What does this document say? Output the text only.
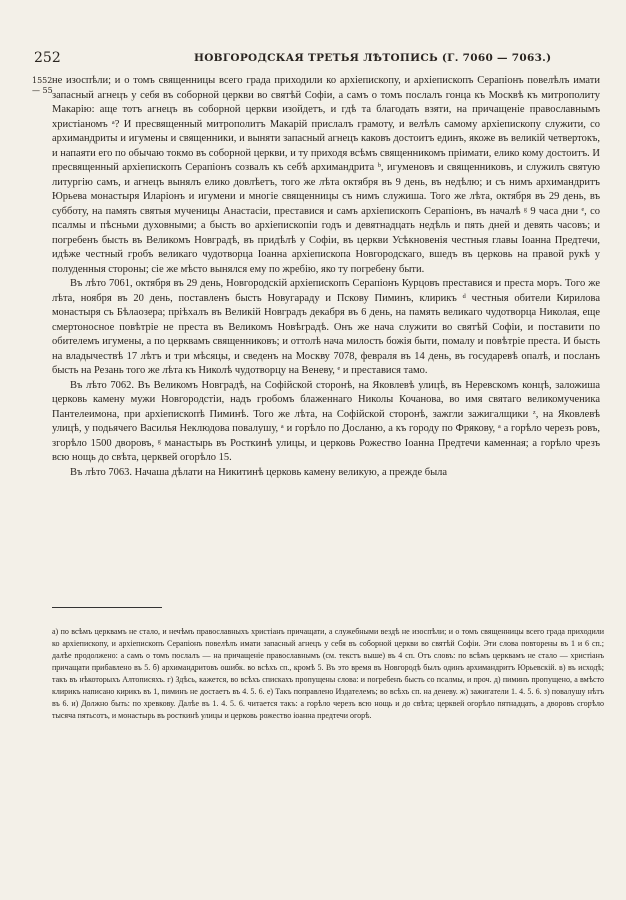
252	НОВГОРОДСКАЯ ТРЕТЬЯ ЛѢТОПИСЬ (Г. 7060 — 7063.)
1552
— 55

не изоспѣли; и о томъ священницы всего града приходили ко архіепископу, и архіепископъ Серапіонъ повелѣлъ имати запасный агнецъ у себя въ соборной церкви во святѣй Софіи, а самъ о томъ послалъ гонца къ Москвѣ къ митрополиту Макарію: аще тотъ агнецъ въ соборной церкви изойдетъ, и гдѣ та благодать взяти, на причащеніе православнымъ христіаномъ ᵃ? И пресвященный митрополитъ Макарій прислалъ грамоту, и велѣлъ самому архіепископу служити, со архимандриты и игумены и священники, и выняти запасный агнецъ каковъ достоитъ единъ, якоже въ великій четвертокъ, и напаяти его по обычаю токмо въ соборной церкви, и ту приходя всѣмъ священникомъ пріимати, елико кому достоитъ. И пресвященный архіепископъ Серапіонъ созвалъ къ себѣ архимандрита ᵇ, игуменовъ и священниковъ, и служилъ святую литургію самъ, и агнецъ вынялъ елико довлѣетъ, того же лѣта октября въ 9 день, въ недѣлю; и съ нимъ архимандритъ Юрьева монастыря Иларіонъ и игумени и многіе священницы съ нимъ служиша. Того же лѣта, октября въ 29 день, въ субботу, на память святыя мученицы Анастасіи, преставися и самъ архіепископъ Серапіонъ, въ началѣ ᵍ 9 часа дни ᵉ, со псалмы и пѣсньми духовными; а бысть во архіепископіи годъ и девятнадцать недѣль и пять дней и девять часовъ; и погребенъ бысть въ Великомъ Новградѣ, въ придѣлѣ у Софіи, въ церкви Усѣкновенія честныя главы Іоанна Предтечи, идѣже честный гробъ великаго чудотворца Іоанна архіепископа Новгородскаго, вшедъ въ церковь на правой рукѣ у полуденныя стороны; сіе же мѣсто вынялся ему по жребію, яко ту погребену быти.

Въ лѣто 7061, октября въ 29 день, Новгородскій архіепископъ Серапіонъ Курцовъ преставися и преста моръ. Того же лѣта, ноября въ 20 день, поставленъ бысть Новугараду и Пскову Пиминъ, клирикъ ᵈ честныя обители Кирилова монастыря съ Бѣлаозера; пріѣхалъ въ Великій Новградъ декабря въ 6 день, на память великаго чудотворца Николая, еще смертоносное повѣтріе не преста въ Великомъ Новѣградѣ. Онъ же нача служити во святѣй Софіи, и поставити по обителемъ игумены, а по церквамъ священниковъ; и оттолѣ нача милость божія быти, помалу и повѣтріе преста. И бысть на владычествѣ 17 лѣтъ и три мѣсяцы, и сведенъ на Москву 7078, февраля въ 14 день, въ государевѣ опалѣ, и посланъ бысть на Резань того же лѣта къ Николѣ чудотворцу на Веневу, ᵉ и преставися тамо.

Въ лѣто 7062. Въ Великомъ Новградѣ, на Софійской сторонѣ, на Яковлевѣ улицѣ, въ Неревскомъ концѣ, заложиша церковь камену мужи Новгородстіи, надъ гробомъ блаженнаго Николы Кочанова, во имя святаго великомученика Пантелеимона, при архіепископѣ Пиминѣ. Того же лѣта, на Софійской сторонѣ, зажгли зажигалщики ᶻ, на Яковлевѣ улицѣ, у подьячего Василья Неклюдова повалушу, ᵃ и горѣло по Досланю, а къ городу по Фрякову, ᵃ а горѣло черезъ ровъ, згорѣло 1500 дворовъ, ᵍ манастырь въ Росткинѣ улицы, и церковь Рожество Іоанна Предтечи каменная; а горѣло чрезъ всю нощь до свѣта, церквей огорѣло 15.

Въ лѣто 7063. Начаша дѣлати на Никитинѣ церковь камену великую, а прежде была

а) по всѣмъ церквамъ не стало, и нечѣмъ православныхъ христіанъ причащати, а служебными вездѣ не изоспѣли; и о томъ священницы всего града приходили ко архіепископу, и архіепископъ Серапіонъ повелѣлъ имати запасный агнецъ у себя въ соборной церкви во святѣй Софіи. Эти слова повторены въ 1 и 6 сп.; далѣе продолжено: а самъ о томъ послалъ — на причащеніе православнымъ (см. текстъ выше) въ 4 сп. Отъ словъ: по всѣмъ церквамъ не стало — христіанъ причащати прибавлено въ 5. б) архимандритовъ ошибк. во всѣхъ сп., кромѣ 5. Въ это время въ Новгородѣ былъ одинъ архимандритъ Юрьевскій. в) въ исходѣ; такъ въ нѣкоторыхъ Алтописяхъ. г) Здѣсь, кажется, во всѣхъ спискахъ пропущены слова: и погребенъ бысть со псалмы, и проч. д) пиминъ пропущено, а вмѣсто клирикъ написано кирикъ въ 1, пиминъ не достаетъ въ 4. 5. 6. е) Такъ поправлено Издателемъ; во всѣхъ сп. на деневу. ж) зажигатели 1. 4. 5. 6. з) повалушу нѣтъ въ 6. и) Должно быть: по хревкову. Далѣе въ 1. 4. 5. 6. читается такъ: а горѣло черезъ всю нощь и до свѣта; церквей огорѣло пятнадцать, а дворовъ сгорѣло тысяча пятьсотъ, и монастырь въ росткинѣ улицы и церковь рожество іоанна предтечи огорѣ.
